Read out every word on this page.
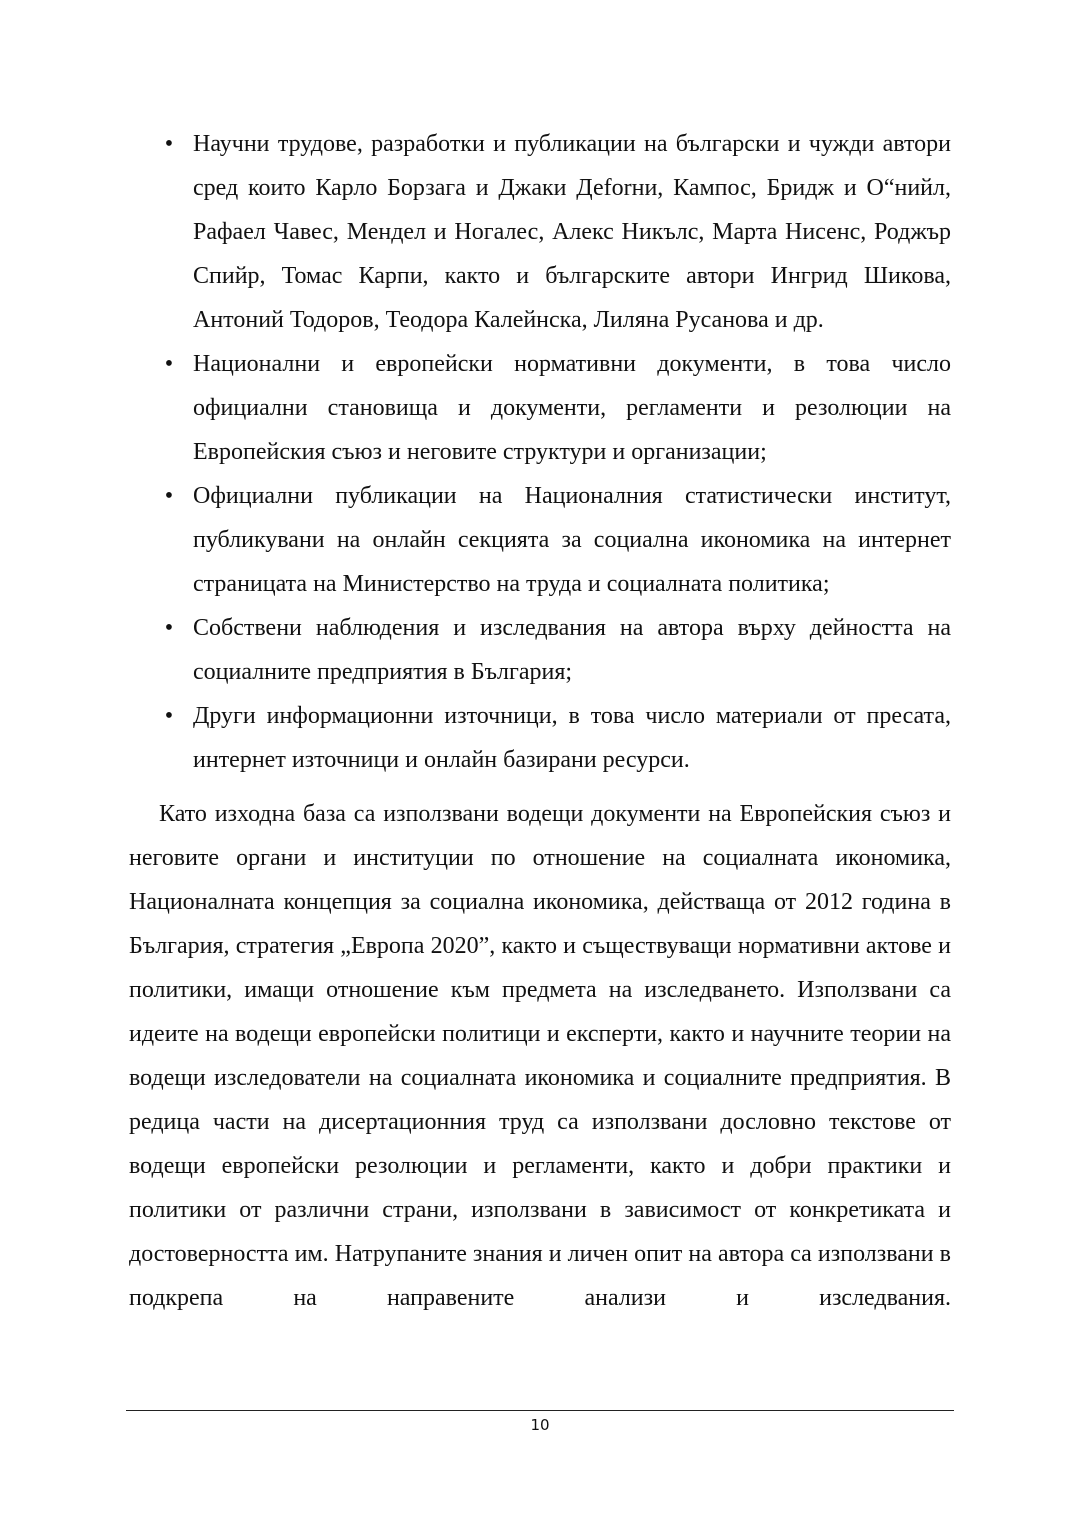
• Научни трудове, разработки и публикации на български и чужди автори сред които Карло Борзага и Джаки Деforни, Кампос, Бридж и О“нийл, Рафаел Чавес, Мендел и Ногалес, Алекс Никълс, Марта Нисенс, Роджър Спийр, Томас Карпи, както и българските автори Ингрид Шикова, Антоний Тодоров, Теодора Калейнска, Лиляна Русанова и др.
• Национални и европейски нормативни документи, в това число официални становища и документи, регламенти и резолюции на Европейския съюз и неговите структури и организации;
• Официални публикации на Националния статистически институт, публикувани на онлайн секцията за социална икономика на интернет страницата на Министерство на труда и социалната политика;
• Собствени наблюдения и изследвания на автора върху дейността на социалните предприятия в България;
• Други информационни източници, в това число материали от пресата, интернет източници и онлайн базирани ресурси.

Като изходна база са използвани водещи документи на Европейския съюз и неговите органи и институции по отношение на социалната икономика, Националната концепция за социална икономика, действаща от 2012 година в България, стратегия „Европа 2020”, както и съществуващи нормативни актове и политики, имащи отношение към предмета на изследването. Използвани са идеите на водещи европейски политици и експерти, както и научните теории на водещи изследователи на социалната икономика и социалните предприятия. В редица части на дисертационния труд са използвани дословно текстове от водещи европейски резолюции и регламенти, както и добри практики и политики от различни страни, използвани в зависимост от конкретиката и достоверността им. Натрупаните знания и личен опит на автора са използвани в подкрепа на направените анализи и изследвания.

10
